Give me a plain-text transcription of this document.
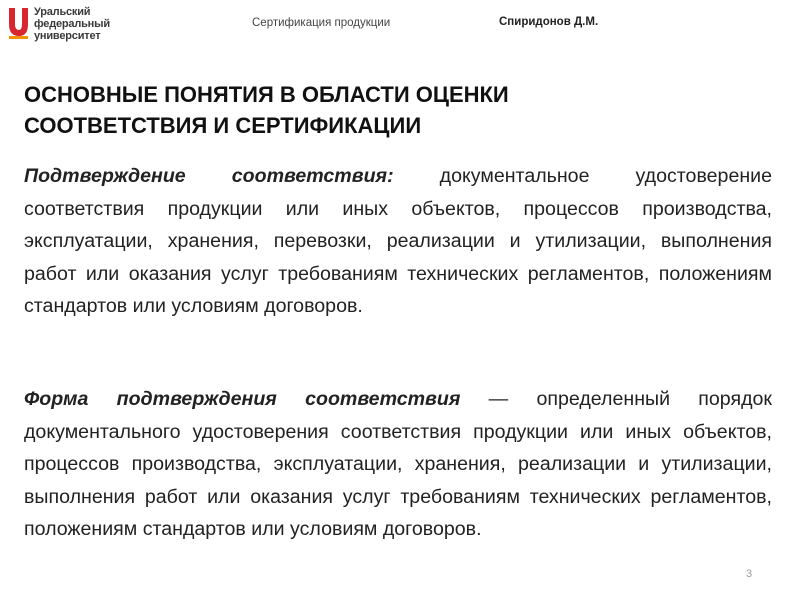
Уральский
федеральный
университет
Сертификация продукции	Спиридонов Д.М.
ОСНОВНЫЕ ПОНЯТИЯ В ОБЛАСТИ ОЦЕНКИ
СООТВЕТСТВИЯ И СЕРТИФИКАЦИИ

Подтверждение соответствия: документальное удостоверение соответствия продукции или иных объектов, процессов производства, эксплуатации, хранения, перевозки, реализации и утилизации, выполнения работ или оказания услуг требованиям технических регламентов, положениям стандартов или условиям договоров.

Форма подтверждения соответствия — определенный порядок документального удостоверения соответствия продукции или иных объектов, процессов производства, эксплуатации, хранения, реализации и утилизации, выполнения работ или оказания услуг требованиям технических регламентов, положениям стандартов или условиям договоров.

3
